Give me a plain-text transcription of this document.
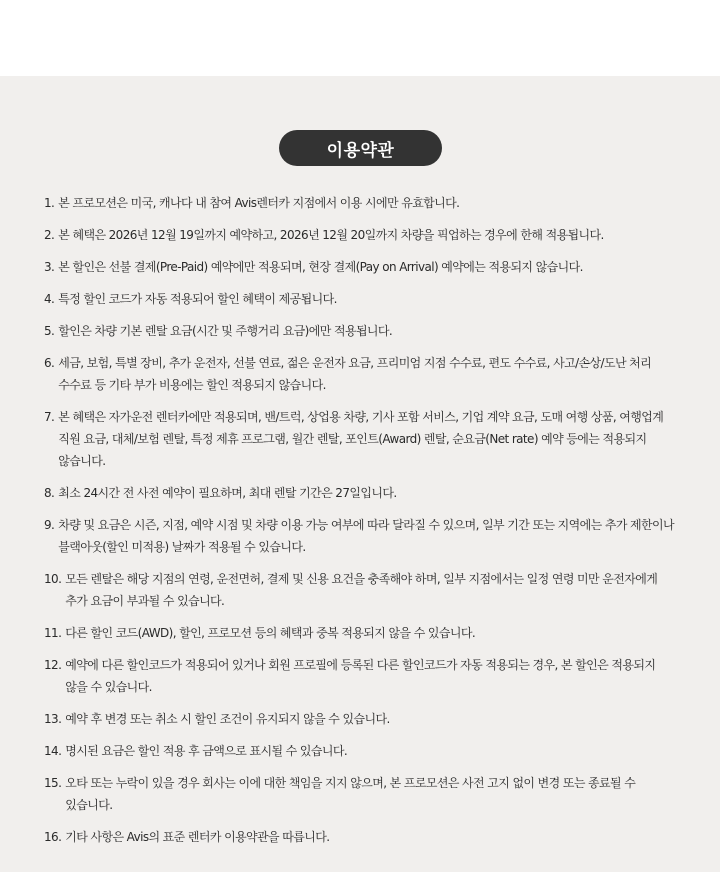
이용약관
1. 본 프로모션은 미국, 캐나다 내 참여 Avis렌터카 지점에서 이용 시에만 유효합니다.
2. 본 혜택은 2026년 12월 19일까지 예약하고, 2026년 12월 20일까지 차량을 픽업하는 경우에 한해 적용됩니다.
3. 본 할인은 선불 결제(Pre-Paid) 예약에만 적용되며, 현장 결제(Pay on Arrival) 예약에는 적용되지 않습니다.
4. 특정 할인 코드가 자동 적용되어 할인 혜택이 제공됩니다.
5. 할인은 차량 기본 렌탈 요금(시간 및 주행거리 요금)에만 적용됩니다.
6. 세금, 보험, 특별 장비, 추가 운전자, 선불 연료, 젊은 운전자 요금, 프리미엄 지점 수수료, 편도 수수료, 사고/손상/도난 처리 수수료 등 기타 부가 비용에는 할인 적용되지 않습니다.
7. 본 혜택은 자가운전 렌터카에만 적용되며, 밴/트럭, 상업용 차량, 기사 포함 서비스, 기업 계약 요금, 도매 여행 상품, 여행업계 직원 요금, 대체/보험 렌탈, 특정 제휴 프로그램, 월간 렌탈, 포인트(Award) 렌탈, 순요금(Net rate) 예약 등에는 적용되지 않습니다.
8. 최소 24시간 전 사전 예약이 필요하며, 최대 렌탈 기간은 27일입니다.
9. 차량 및 요금은 시즌, 지점, 예약 시점 및 차량 이용 가능 여부에 따라 달라질 수 있으며, 일부 기간 또는 지역에는 추가 제한이나 블랙아웃(할인 미적용) 날짜가 적용될 수 있습니다.
10. 모든 렌탈은 해당 지점의 연령, 운전면허, 결제 및 신용 요건을 충족해야 하며, 일부 지점에서는 일정 연령 미만 운전자에게 추가 요금이 부과될 수 있습니다.
11. 다른 할인 코드(AWD), 할인, 프로모션 등의 혜택과 중복 적용되지 않을 수 있습니다.
12. 예약에 다른 할인코드가 적용되어 있거나 회원 프로필에 등록된 다른 할인코드가 자동 적용되는 경우, 본 할인은 적용되지 않을 수 있습니다.
13. 예약 후 변경 또는 취소 시 할인 조건이 유지되지 않을 수 있습니다.
14. 명시된 요금은 할인 적용 후 금액으로 표시될 수 있습니다.
15. 오타 또는 누락이 있을 경우 회사는 이에 대한 책임을 지지 않으며, 본 프로모션은 사전 고지 없이 변경 또는 종료될 수 있습니다.
16. 기타 사항은 Avis의 표준 렌터카 이용약관을 따릅니다.
